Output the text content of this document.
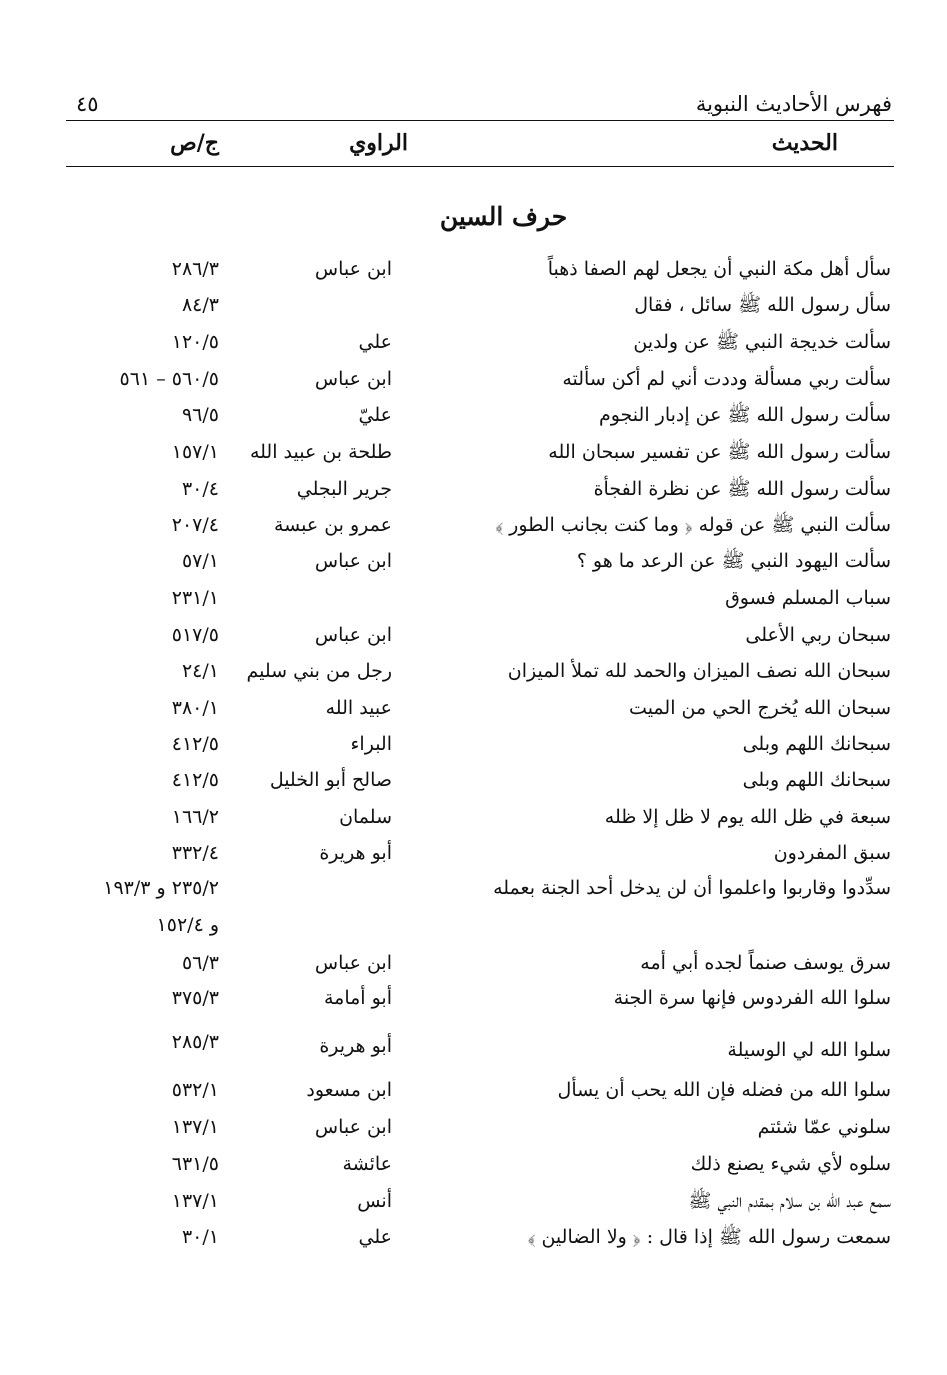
فهرس الأحاديث النبوية
٤٥
الحديث
الراوي
ج/ص
حرف السين
سأل أهل مكة النبي أن يجعل لهم الصفا ذهباً
ابن عباس
٢٨٦/٣
سأل رسول الله ﷺ سائل ، فقال
٨٤/٣
سألت خديجة النبي ﷺ عن ولدين
علي
١٢٠/٥
سألت ربي مسألة وددت أني لم أكن سألته
ابن عباس
٥٦٠/٥ – ٥٦١
سألت رسول الله ﷺ عن إدبار النجوم
عليّ
٩٦/٥
سألت رسول الله ﷺ عن تفسير سبحان الله
طلحة بن عبيد الله
١٥٧/١
سألت رسول الله ﷺ عن نظرة الفجأة
جرير البجلي
٣٠/٤
سألت النبي ﷺ عن قوله ﴿ وما كنت بجانب الطور ﴾
عمرو بن عبسة
٢٠٧/٤
سألت اليهود النبي ﷺ عن الرعد ما هو ؟
ابن عباس
٥٧/١
سباب المسلم فسوق
٢٣١/١
سبحان ربي الأعلى
ابن عباس
٥١٧/٥
سبحان الله نصف الميزان والحمد لله تملأ الميزان
رجل من بني سليم
٢٤/١
سبحان الله يُخرج الحي من الميت
عبيد الله
٣٨٠/١
سبحانك اللهم وبلى
البراء
٤١٢/٥
سبحانك اللهم وبلى
صالح أبو الخليل
٤١٢/٥
سبعة في ظل الله يوم لا ظل إلا ظله
سلمان
١٦٦/٢
سبق المفردون
أبو هريرة
٣٣٢/٤
سدِّدوا وقاربوا واعلموا أن لن يدخل أحد الجنة بعمله
٢٣٥/٢ و ١٩٣/٣
و ١٥٢/٤
سرق يوسف صنماً لجده أبي أمه
ابن عباس
٥٦/٣
سلوا الله الفردوس فإنها سرة الجنة
أبو أمامة
٣٧٥/٣
سلوا الله لي الوسيلة
أبو هريرة
٢٨٥/٣
سلوا الله من فضله فإن الله يحب أن يسأل
ابن مسعود
٥٣٢/١
سلوني عمّا شئتم
ابن عباس
١٣٧/١
سلوه لأي شيء يصنع ذلك
عائشة
٦٣١/٥
سمع عبد الله بن سلام بمقدم النبي ﷺ
أنس
١٣٧/١
سمعت رسول الله ﷺ إذا قال : ﴿ ولا الضالين ﴾
علي
٣٠/١
